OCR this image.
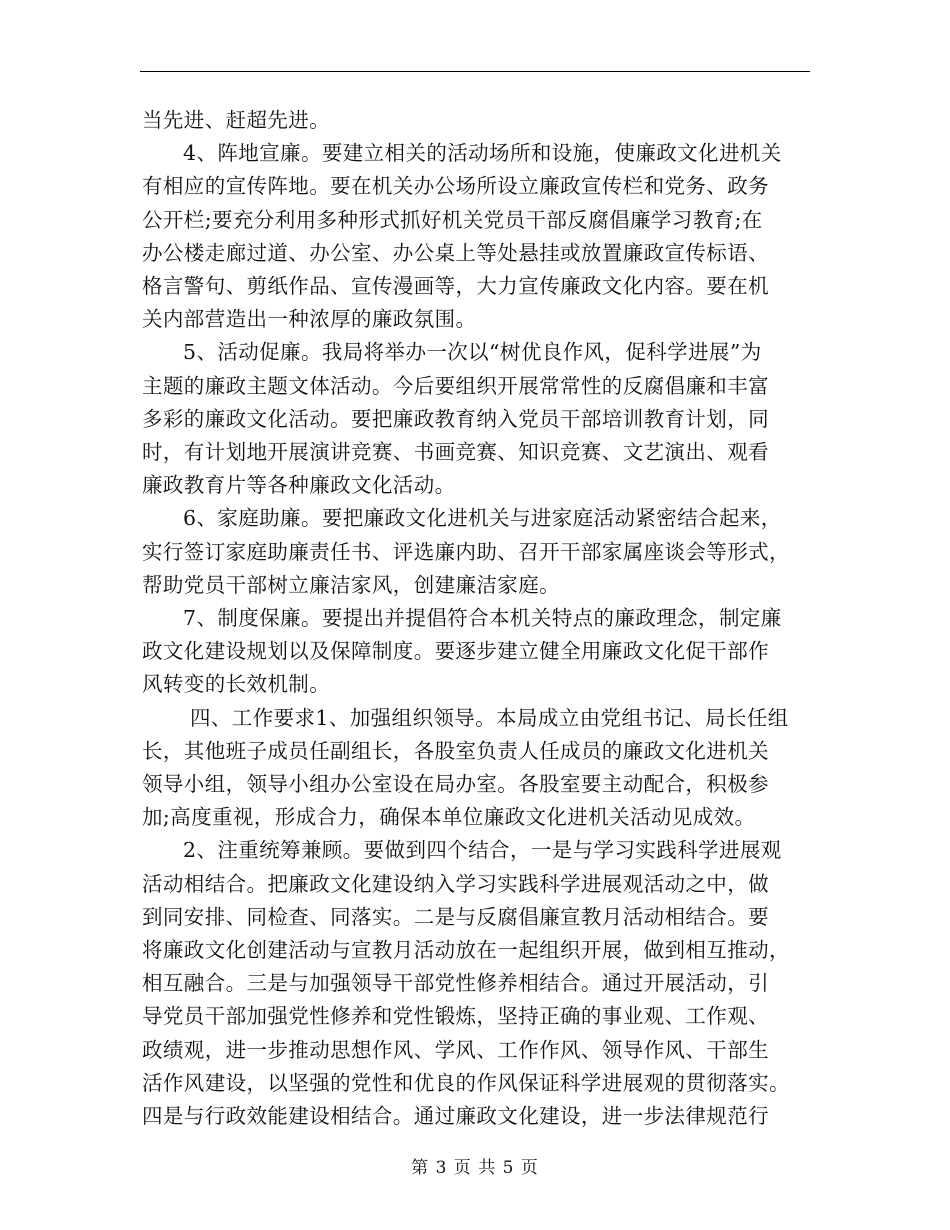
当先进、赶超先进。
4、阵地宣廉。要建立相关的活动场所和设施，使廉政文化进机关
有相应的宣传阵地。要在机关办公场所设立廉政宣传栏和党务、政务
公开栏;要充分利用多种形式抓好机关党员干部反腐倡廉学习教育;在
办公楼走廊过道、办公室、办公桌上等处悬挂或放置廉政宣传标语、
格言警句、剪纸作品、宣传漫画等，大力宣传廉政文化内容。要在机
关内部营造出一种浓厚的廉政氛围。
5、活动促廉。我局将举办一次以“树优良作风，促科学进展”为
主题的廉政主题文体活动。今后要组织开展常常性的反腐倡廉和丰富
多彩的廉政文化活动。要把廉政教育纳入党员干部培训教育计划，同
时，有计划地开展演讲竞赛、书画竞赛、知识竞赛、文艺演出、观看
廉政教育片等各种廉政文化活动。
6、家庭助廉。要把廉政文化进机关与进家庭活动紧密结合起来，
实行签订家庭助廉责任书、评选廉内助、召开干部家属座谈会等形式，
帮助党员干部树立廉洁家风，创建廉洁家庭。
7、制度保廉。要提出并提倡符合本机关特点的廉政理念，制定廉
政文化建设规划以及保障制度。要逐步建立健全用廉政文化促干部作
风转变的长效机制。
四、工作要求1、加强组织领导。本局成立由党组书记、局长任组
长，其他班子成员任副组长，各股室负责人任成员的廉政文化进机关
领导小组，领导小组办公室设在局办室。各股室要主动配合，积极参
加;高度重视，形成合力，确保本单位廉政文化进机关活动见成效。
2、注重统筹兼顾。要做到四个结合，一是与学习实践科学进展观
活动相结合。把廉政文化建设纳入学习实践科学进展观活动之中，做
到同安排、同检查、同落实。二是与反腐倡廉宣教月活动相结合。要
将廉政文化创建活动与宣教月活动放在一起组织开展，做到相互推动，
相互融合。三是与加强领导干部党性修养相结合。通过开展活动，引
导党员干部加强党性修养和党性锻炼，坚持正确的事业观、工作观、
政绩观，进一步推动思想作风、学风、工作作风、领导作风、干部生
活作风建设，以坚强的党性和优良的作风保证科学进展观的贯彻落实。
四是与行政效能建设相结合。通过廉政文化建设，进一步法律规范行
第 3 页 共 5 页
